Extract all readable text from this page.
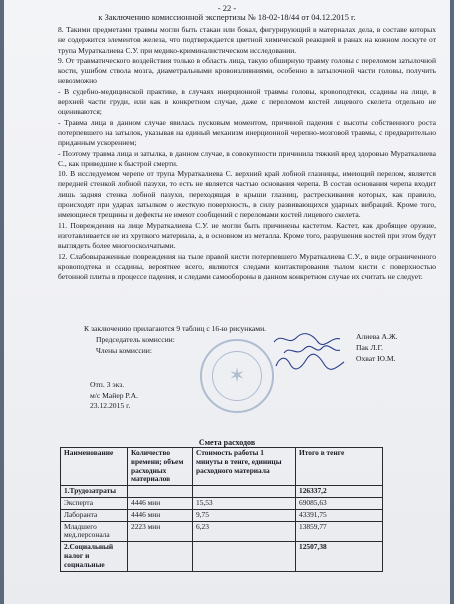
- 22 -
к Заключению комиссионной экспертизы № 18-02-18/44 от 04.12.2015 г.

8. Такими предметами травмы могли быть стакан или бокал, фигурирующий в материалах дела, в составе которых не содержится элементов железа, что подтверждается цветной химической реакцией в ранах на кожном лоскуте от трупа Мураткалиева С.У. при медико-криминалистическом исследовании.

9. От травматического воздействия только в область лица, такую обширную травму головы с переломом затылочной кости, ушибом ствола мозга, диаметральными кровоизлияниями, особенно в затылочной части головы, получить невозможно

- В судебно-медицинской практике, в случаях инерционной травмы головы, кровоподтеки, ссадины на лице, в верхней части груди, или как в конкретном случае, даже с переломом костей лицевого скелета отдельно не оцениваются;

- Травма лица в данном случае явилась пусковым моментом, причиной падения с высоты собственного роста потерпевшего на затылок, указывая на единый механизм инерционной черепно-мозговой травмы, с предварительно приданным ускорением;

- Поэтому травма лица и затылка, в данном случае, в совокупности причинила тяжкий вред здоровью Мураткалиева С., как приведшие к быстрой смерти.

10. В исследуемом черепе от трупа Мураткалиева С. верхний край лобной глазницы, имеющий перелом, является передней стенкой лобной пазухи, то есть не является частью основания черепа. В состав основания черепа входит лишь задняя стенка лобной пазухи, переходящая в крыши глазниц, растрескивания которых, как правило, происходят при ударах затылком о жесткую поверхность, в силу развивающихся ударных вибраций. Кроме того, имеющиеся трещины и дефекты не имеют сообщений с переломами костей лицевого скелета.

11. Повреждения на лице Мураткалиева С.У. не могли быть причинены кастетом. Кастет, как дробящее оружие, изготавливается не из хрупкого материала, а, в основном из металла. Кроме того, разрушения костей при этом будут выглядеть более многоосколчатыми.

12. Слабовыраженные повреждения на тыле правой кисти потерпевшего Мураткалиева С.У., в виде ограниченного кровоподтека и ссадины, вероятнее всего, являются следами контактирования тылом кисти с поверхностью бетонной плиты в процессе падения, и следами самообороны в данном конкретном случае их считать не следует.

К заключению прилагаются 9 таблиц с 16-ю рисунками.
Председатель комиссии:
Члены комиссии:
✶
Алиева А.Ж.
Пак Л.Г.
Охват Ю.М.
Отп. 3 экз.
м/с Майер Р.А.
23.12.2015 г.
Смета расходов
Наименование	Количество времени; объем расходных материалов	Стоимость работы 1 минуты в тенге, единицы расходного материала	Итого в тенге
1.Трудозатраты			126337,2
Эксперта	4446 мин	15,53	69085,63
Лаборанта	4446 мин	9,75	43391,75
Младшего мед.персонала	2223 мин	6,23	13859,77
2.Социальный налог и социальные			12507,38
